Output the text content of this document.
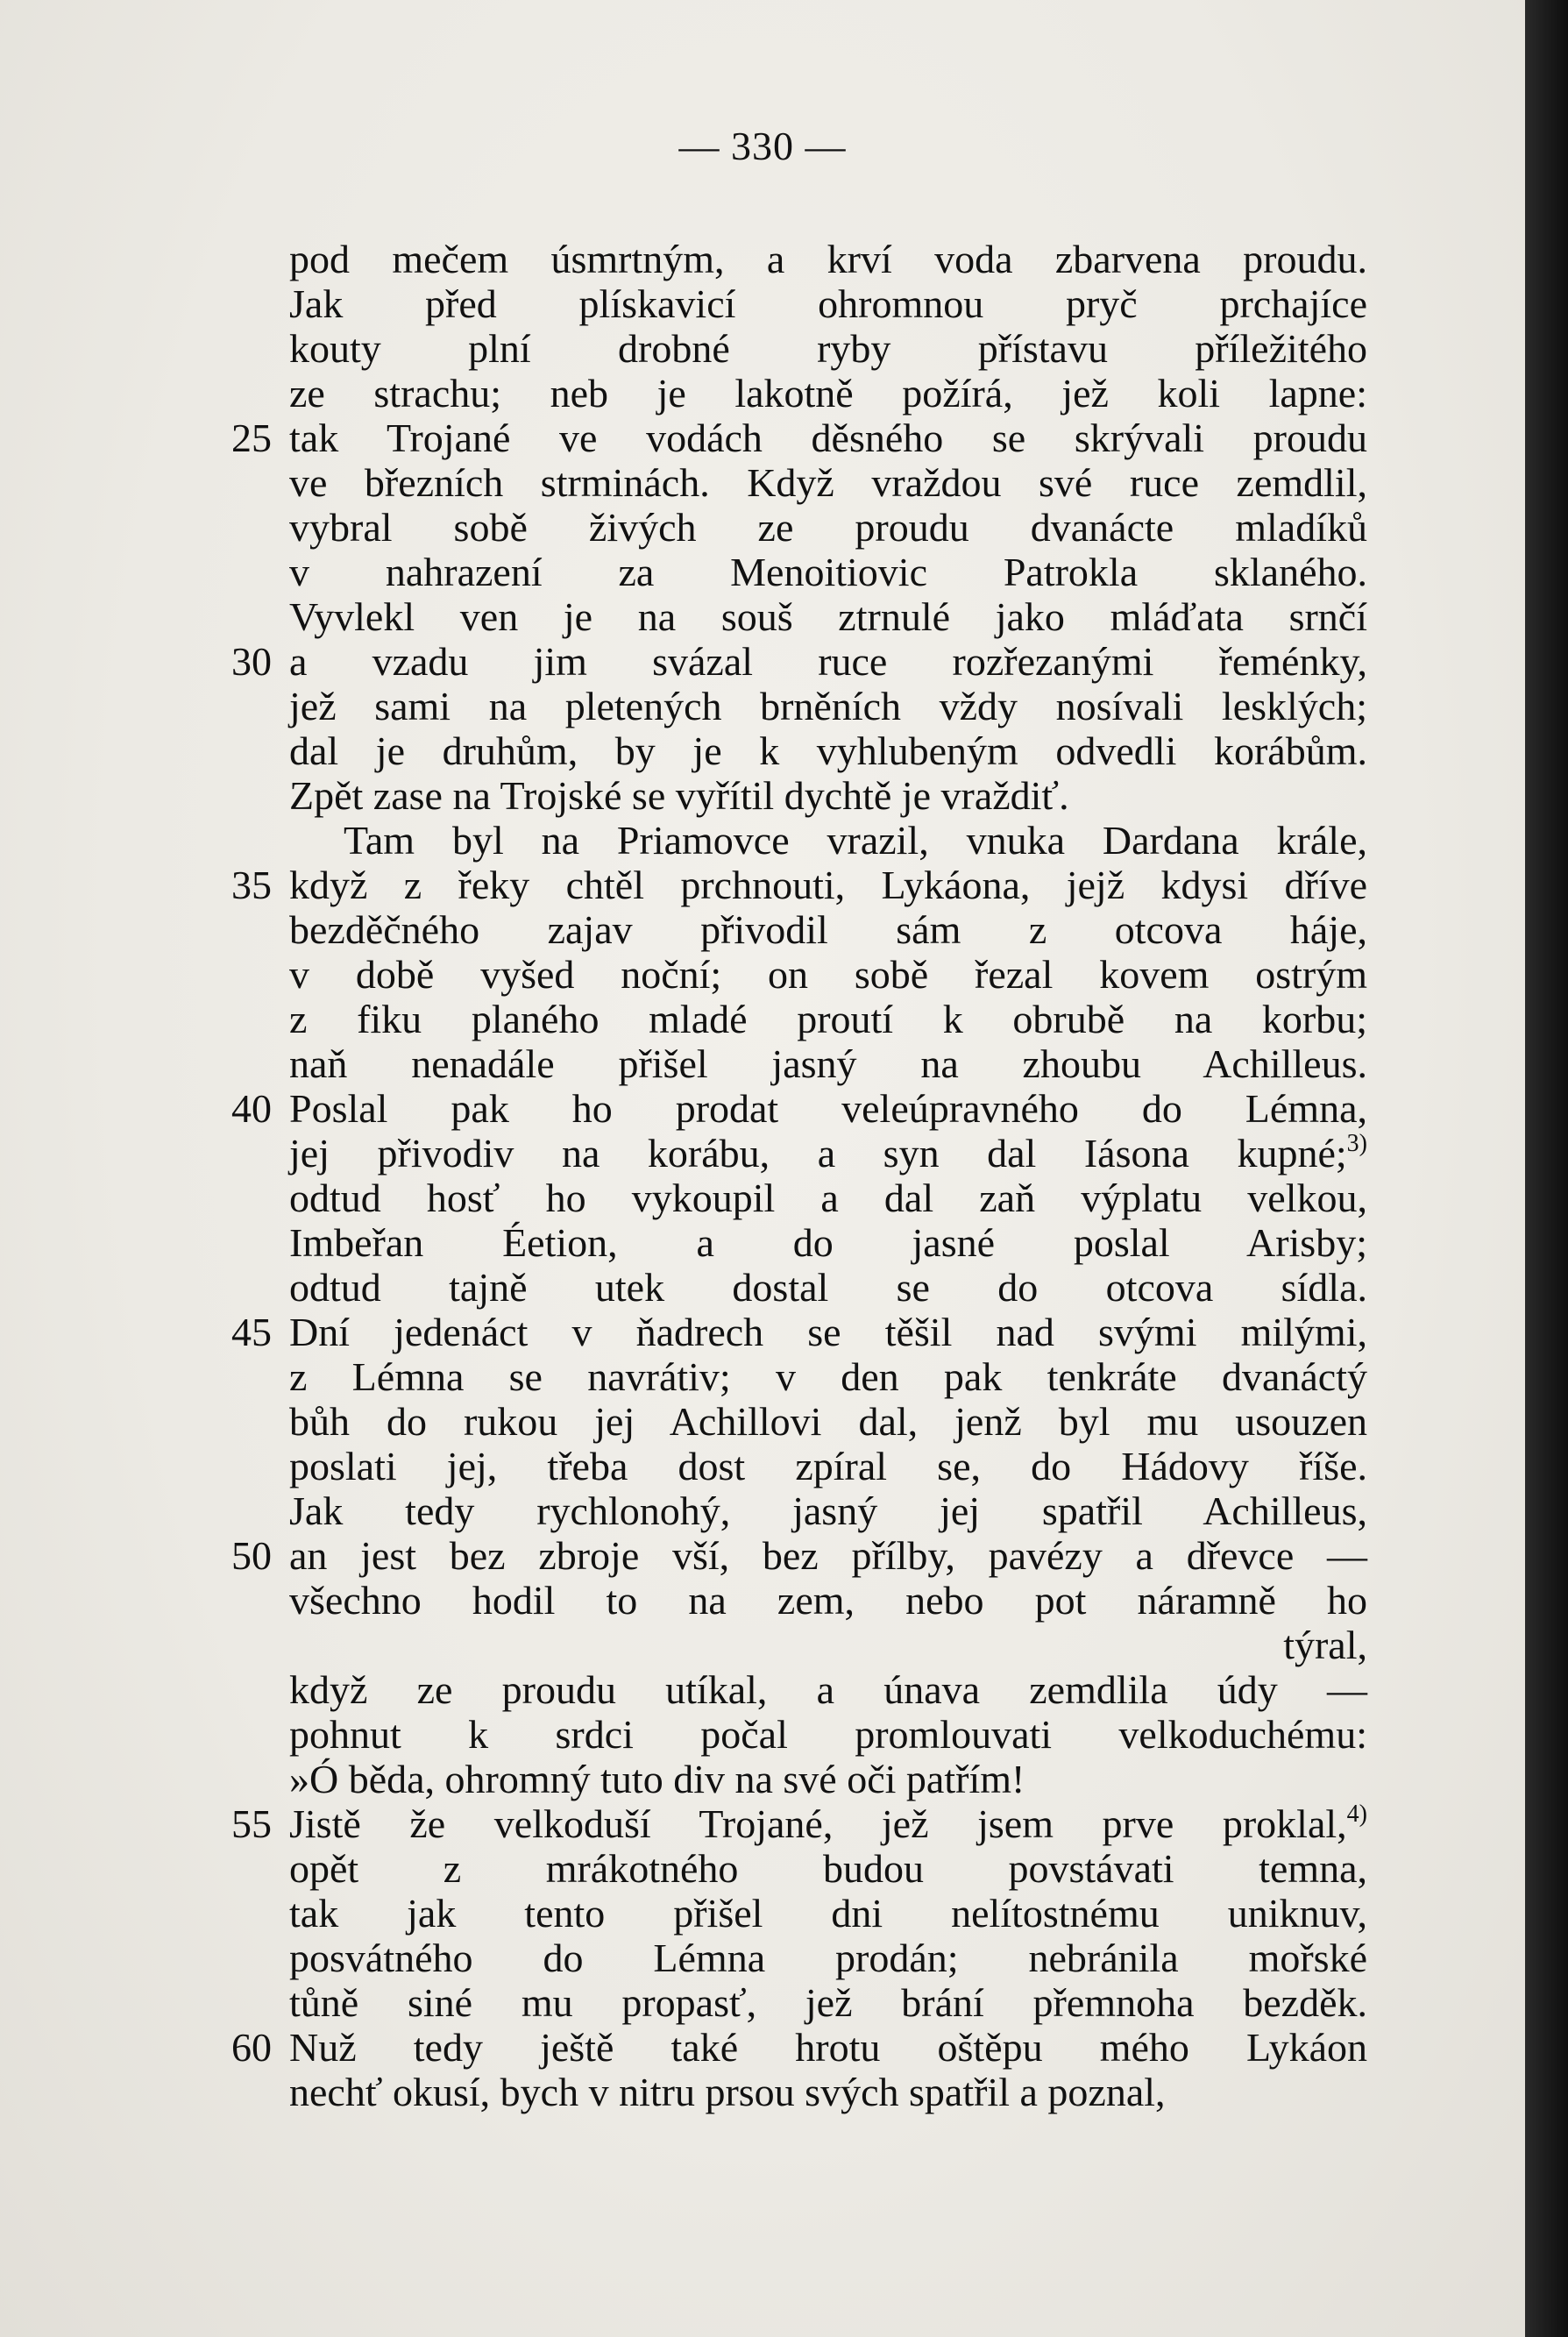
— 330 —
pod mečem úsmrtným, a krví voda zbarvena proudu.
Jak před plískavicí ohromnou pryč prchajíce
kouty plní drobné ryby přístavu příležitého
ze strachu; neb je lakotně požírá, jež koli lapne:
25 tak Trojané ve vodách děsného se skrývali proudu
ve březních strminách. Když vraždou své ruce zemdlil,
vybral sobě živých ze proudu dvanácte mladíků
v nahrazení za Menoitiovic Patrokla sklaného.
Vyvlekl ven je na souš ztrnulé jako mláďata srnčí
30 a vzadu jim svázal ruce rozřezanými řeménky,
jež sami na pletených brněních vždy nosívali lesklých;
dal je druhům, by je k vyhlubeným odvedli korábům.
Zpět zase na Trojské se vyřítil dychtě je vraždiť.
Tam byl na Priamovce vrazil, vnuka Dardana krále,
35 když z řeky chtěl prchnouti, Lykáona, jejž kdysi dříve
bezděčného zajav přivodil sám z otcova háje,
v době vyšed noční; on sobě řezal kovem ostrým
z fiku planého mladé proutí k obrubě na korbu;
naň nenadále přišel jasný na zhoubu Achilleus.
40 Poslal pak ho prodat veleúpravného do Lémna,
jej přivodiv na korábu, a syn dal Iásona kupné;$^{3)}$
odtud hosť ho vykoupil a dal zaň výplatu velkou,
Imbeřan Éetion, a do jasné poslal Arisby;
odtud tajně utek dostal se do otcova sídla.
45 Dní jedenáct v ňadrech se těšil nad svými milými,
z Lémna se navrátiv; v den pak tenkráte dvanáctý
bůh do rukou jej Achillovi dal, jenž byl mu usouzen
poslati jej, třeba dost zpíral se, do Hádovy říše.
Jak tedy rychlonohý, jasný jej spatřil Achilleus,
50 an jest bez zbroje vší, bez přílby, pavézy a dřevce —
všechno hodil to na zem, nebo pot náramně ho
týral,
když ze proudu utíkal, a únava zemdlila údy —
pohnut k srdci počal promlouvati velkoduchému:
»Ó běda, ohromný tuto div na své oči patřím!
55 Jistě že velkoduší Trojané, jež jsem prve proklal,$^{4)}$
opět z mrákotného budou povstávati temna,
tak jak tento přišel dni nelítostnému uniknuv,
posvátného do Lémna prodán; nebránila mořské
tůně siné mu propasť, jež brání přemnoha bezděk.
60 Nuž tedy ještě také hrotu oštěpu mého Lykáon
nechť okusí, bych v nitru prsou svých spatřil a poznal,
